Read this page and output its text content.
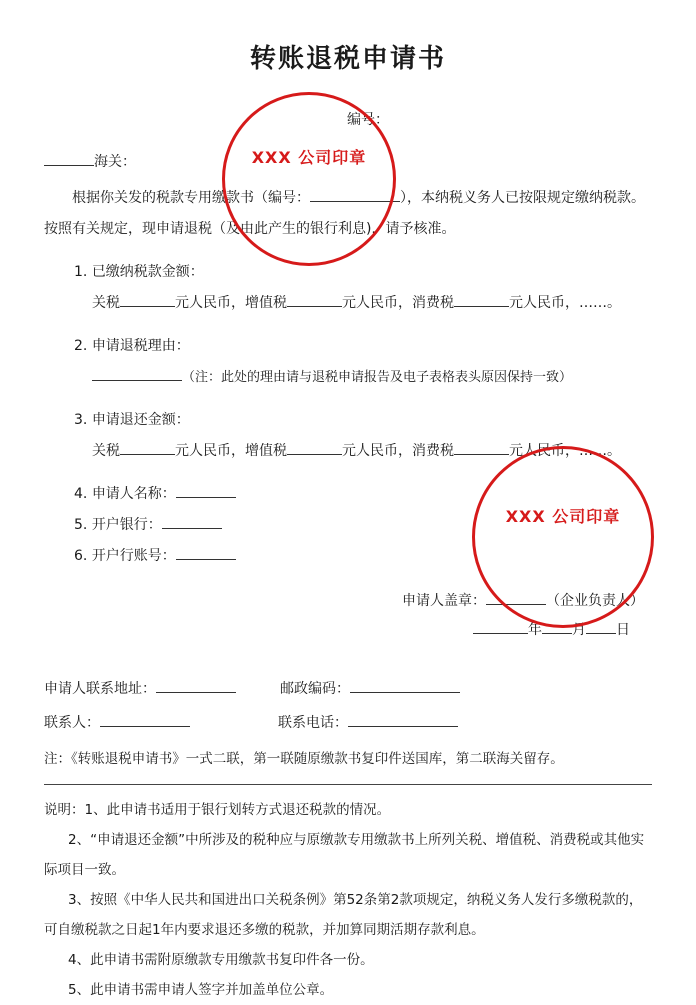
转账退税申请书
编号：
海关：

根据你关发的税款专用缴款书（编号：	），本纳税义务人已按限规定缴纳税款。按照有关规定，现申请退税（及由此产生的银行利息)，请予核准。

1. 已缴纳税款金额：
关税	元人民币，增值税	元人民币，消费税	元人民币，……。
2. 申请退税理由：
（注：此处的理由请与退税申请报告及电子表格表头原因保持一致）
3. 申请退还金额：
关税	元人民币，增值税	元人民币，消费税	元人民币，……。
4. 申请人名称：
5. 开户银行：
6. 开户行账号：
申请人盖章：	（企业负责人）
年 月 日
申请人联系地址：	邮政编码：
联系人：	联系电话：
注：《转账退税申请书》一式二联，第一联随原缴款书复印件送国库，第二联海关留存。

说明：1、此申请书适用于银行划转方式退还税款的情况。

2、“申请退还金额”中所涉及的税种应与原缴款专用缴款书上所列关税、增值税、消费税或其他实际项目一致。

3、按照《中华人民共和国进出口关税条例》第52条第2款项规定，纳税义务人发行多缴税款的，可自缴税款之日起1年内要求退还多缴的税款，并加算同期活期存款利息。

4、此申请书需附原缴款专用缴款书复印件各一份。

5、此申请书需申请人签字并加盖单位公章。

XXX 公司印章
XXX 公司印章
